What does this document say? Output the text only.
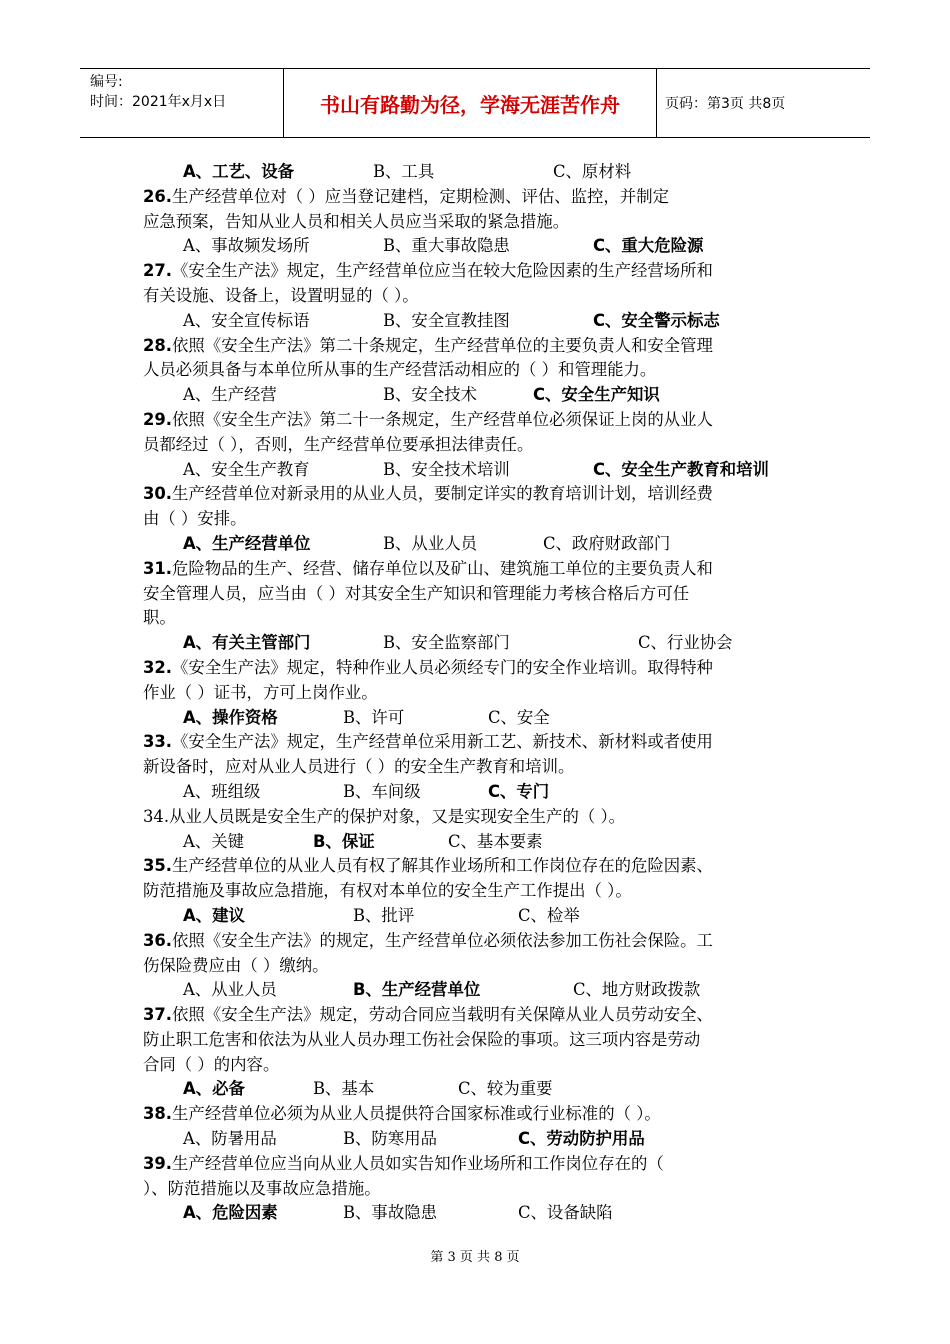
编号:
时间：2021年x月x日	书山有路勤为径，学海无涯苦作舟	页码：第3页 共8页
A、工艺、设备	B、工具	C、原材料
26.生产经营单位对（ ）应当登记建档，定期检测、评估、监控，并制定
应急预案，告知从业人员和相关人员应当采取的紧急措施。
A、事故频发场所	B、重大事故隐患	C、重大危险源
27.《安全生产法》规定，生产经营单位应当在较大危险因素的生产经营场所和
有关设施、设备上，设置明显的（ ）。
A、安全宣传标语	B、安全宣教挂图	C、安全警示标志
28.依照《安全生产法》第二十条规定，生产经营单位的主要负责人和安全管理
人员必须具备与本单位所从事的生产经营活动相应的（ ）和管理能力。
A、生产经营	B、安全技术	C、安全生产知识
29.依照《安全生产法》第二十一条规定，生产经营单位必须保证上岗的从业人
员都经过（ ），否则，生产经营单位要承担法律责任。
A、安全生产教育	B、安全技术培训	C、安全生产教育和培训
30.生产经营单位对新录用的从业人员，要制定详实的教育培训计划，培训经费
由（ ）安排。
A、生产经营单位	B、从业人员	C、政府财政部门
31.危险物品的生产、经营、储存单位以及矿山、建筑施工单位的主要负责人和
安全管理人员，应当由（ ）对其安全生产知识和管理能力考核合格后方可任
职。
A、有关主管部门	B、安全监察部门	C、行业协会
32.《安全生产法》规定，特种作业人员必须经专门的安全作业培训。取得特种
作业（ ）证书，方可上岗作业。
A、操作资格	B、许可	C、安全
33.《安全生产法》规定，生产经营单位采用新工艺、新技术、新材料或者使用
新设备时，应对从业人员进行（ ）的安全生产教育和培训。
A、班组级	B、车间级	C、专门
34.从业人员既是安全生产的保护对象，又是实现安全生产的（ ）。
A、关键	B、保证	C、基本要素
35.生产经营单位的从业人员有权了解其作业场所和工作岗位存在的危险因素、
防范措施及事故应急措施，有权对本单位的安全生产工作提出（ ）。
A、建议	B、批评	C、检举
36.依照《安全生产法》的规定，生产经营单位必须依法参加工伤社会保险。工
伤保险费应由（ ）缴纳。
A、从业人员	B、生产经营单位	C、地方财政拨款
37.依照《安全生产法》规定，劳动合同应当载明有关保障从业人员劳动安全、
防止职工危害和依法为从业人员办理工伤社会保险的事项。这三项内容是劳动
合同（ ）的内容。
A、必备	B、基本	C、较为重要
38.生产经营单位必须为从业人员提供符合国家标准或行业标准的（ ）。
A、防暑用品	B、防寒用品	C、劳动防护用品
39.生产经营单位应当向从业人员如实告知作业场所和工作岗位存在的（
）、防范措施以及事故应急措施。
A、危险因素	B、事故隐患	C、设备缺陷
第 3 页 共 8 页
